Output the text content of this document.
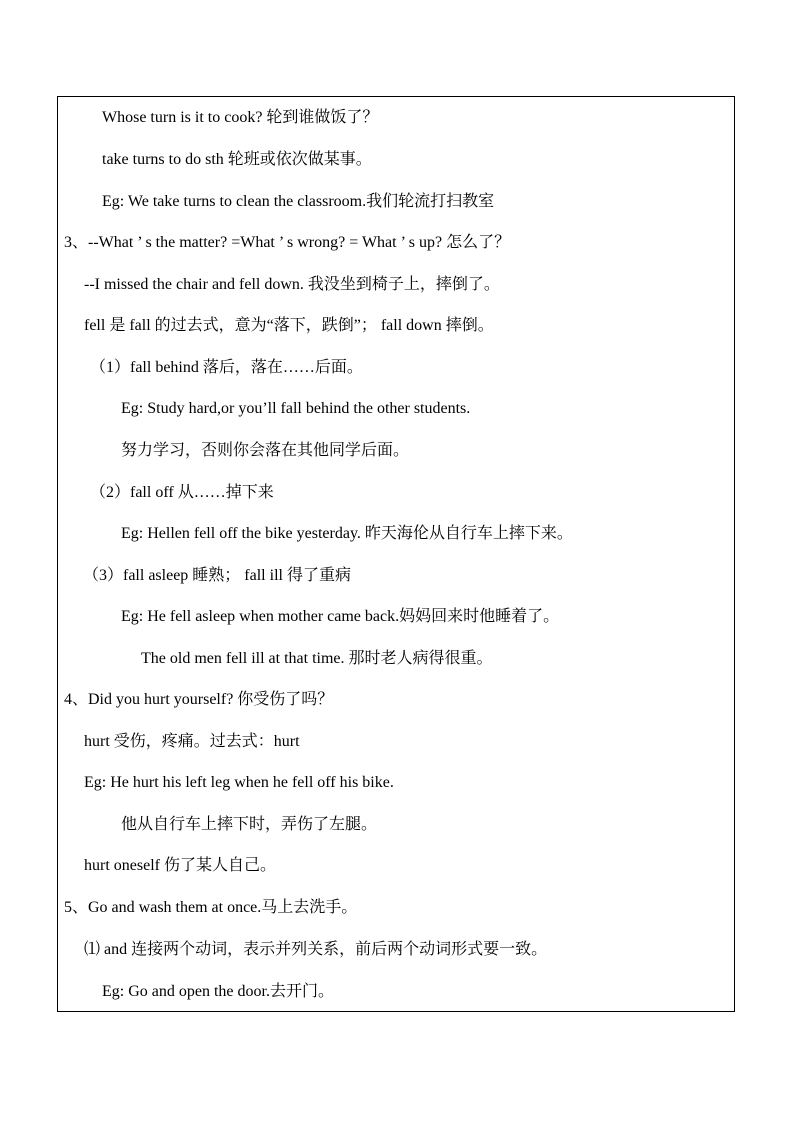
Whose turn is it to cook? 轮到谁做饭了？
take turns to do sth 轮班或依次做某事。
Eg: We take turns to clean the classroom.我们轮流打扫教室
3、--What ’ s the matter? =What ’ s wrong? = What ’ s up? 怎么了？
--I missed the chair and fell down. 我没坐到椅子上，摔倒了。
fell 是 fall 的过去式，意为“落下，跌倒”； fall down 摔倒。
（1）fall behind 落后，落在……后面。
Eg: Study hard,or you’ll fall behind the other students.
努力学习，否则你会落在其他同学后面。
（2）fall off 从……掉下来
Eg: Hellen fell off the bike yesterday. 昨天海伦从自行车上摔下来。
（3）fall asleep 睡熟； fall ill 得了重病
Eg: He fell asleep when mother came back.妈妈回来时他睡着了。
The old men fell ill at that time. 那时老人病得很重。
4、Did you hurt yourself? 你受伤了吗？
hurt 受伤，疼痛。过去式：hurt
Eg: He hurt his left leg when he fell off his bike.
他从自行车上摔下时，弄伤了左腿。
hurt oneself 伤了某人自己。
5、Go and wash them at once.马上去洗手。
⑴ and 连接两个动词，表示并列关系，前后两个动词形式要一致。
Eg: Go and open the door.去开门。
